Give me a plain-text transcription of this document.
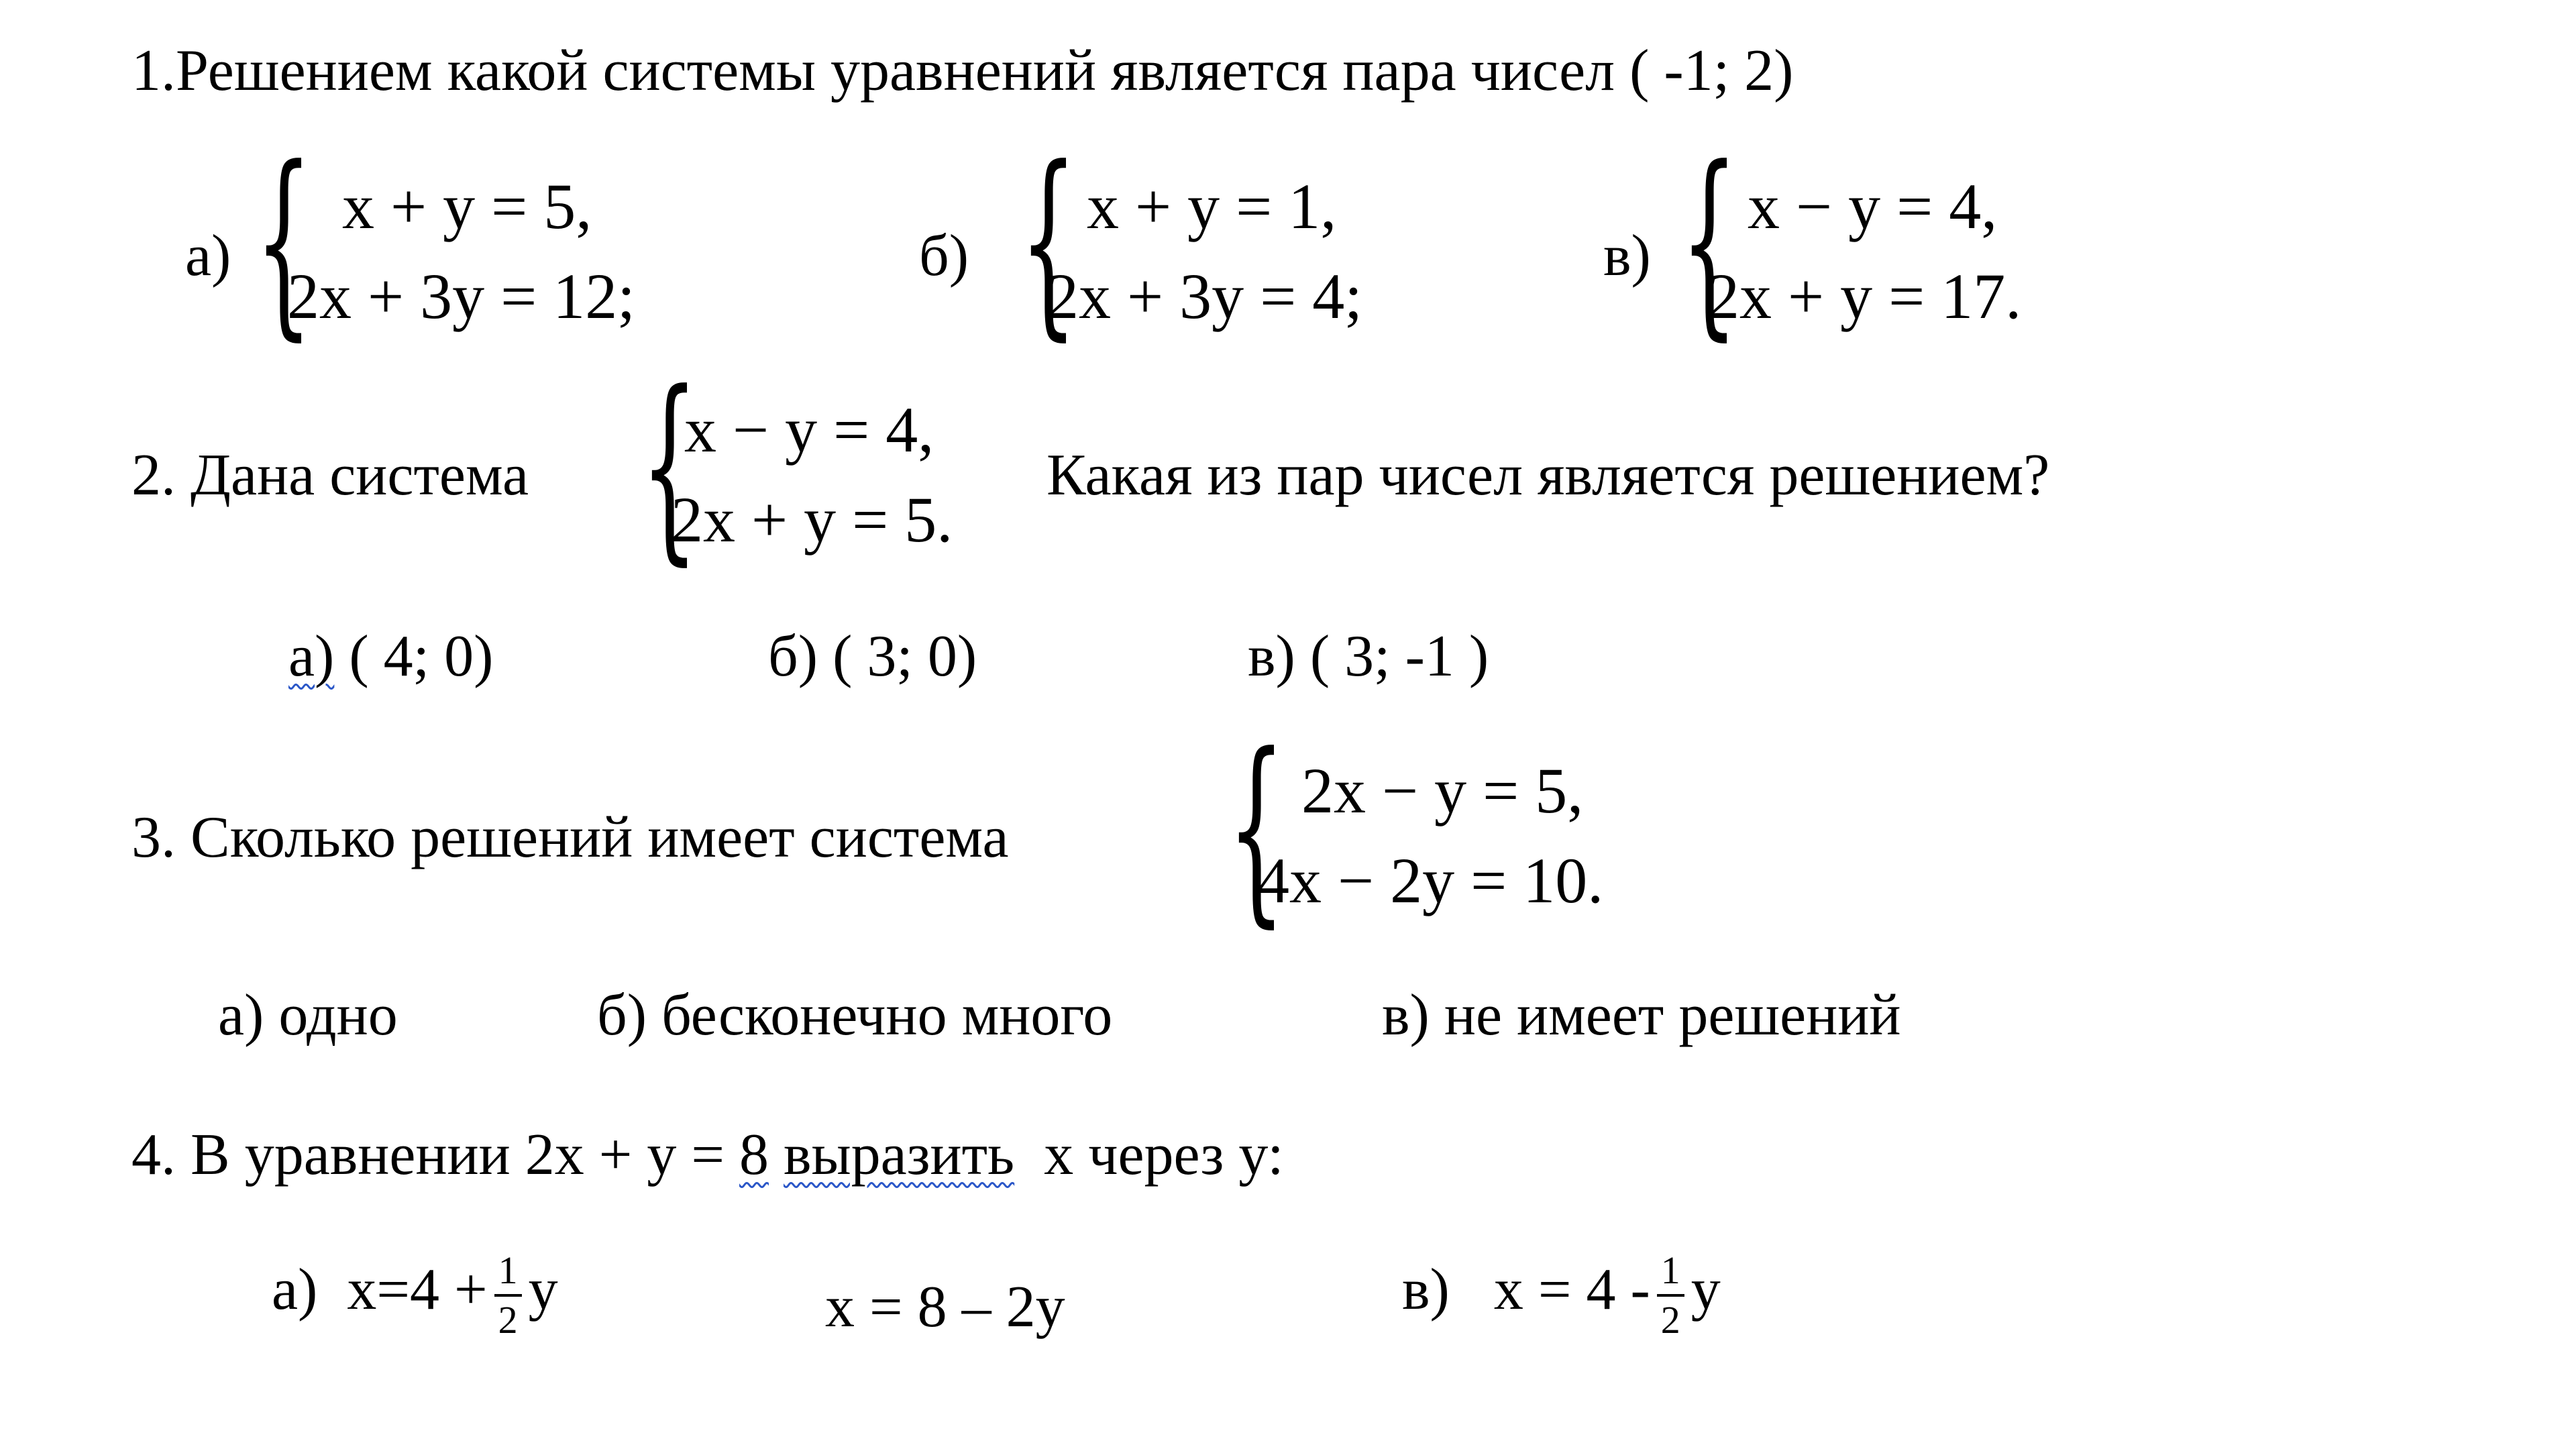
1.Решением какой системы уравнений является пара чисел ( -1; 2)
а) { x + y = 5,
2x + 3y = 12;
б) { x + y = 1,
2x + 3y = 4;
в) { x − y = 4,
2x + y = 17.
2. Дана система {
x − y = 4,
2x + y = 5.
Какая из пар чисел является решением?
а) ( 4; 0)	б) ( 3; 0)	в) ( 3; -1 )
3. Сколько решений имеет система { 2x − y = 5,
4x − 2y = 10.
а) одно	б) бесконечно много	в) не имеет решений
4. В уравнении 2x + y = 8 выразить х через у:
а) $х=4 + \frac{1}{2}$ у	х = 8 – 2у	в) $х = 4 - \frac{1}{2}$ у
